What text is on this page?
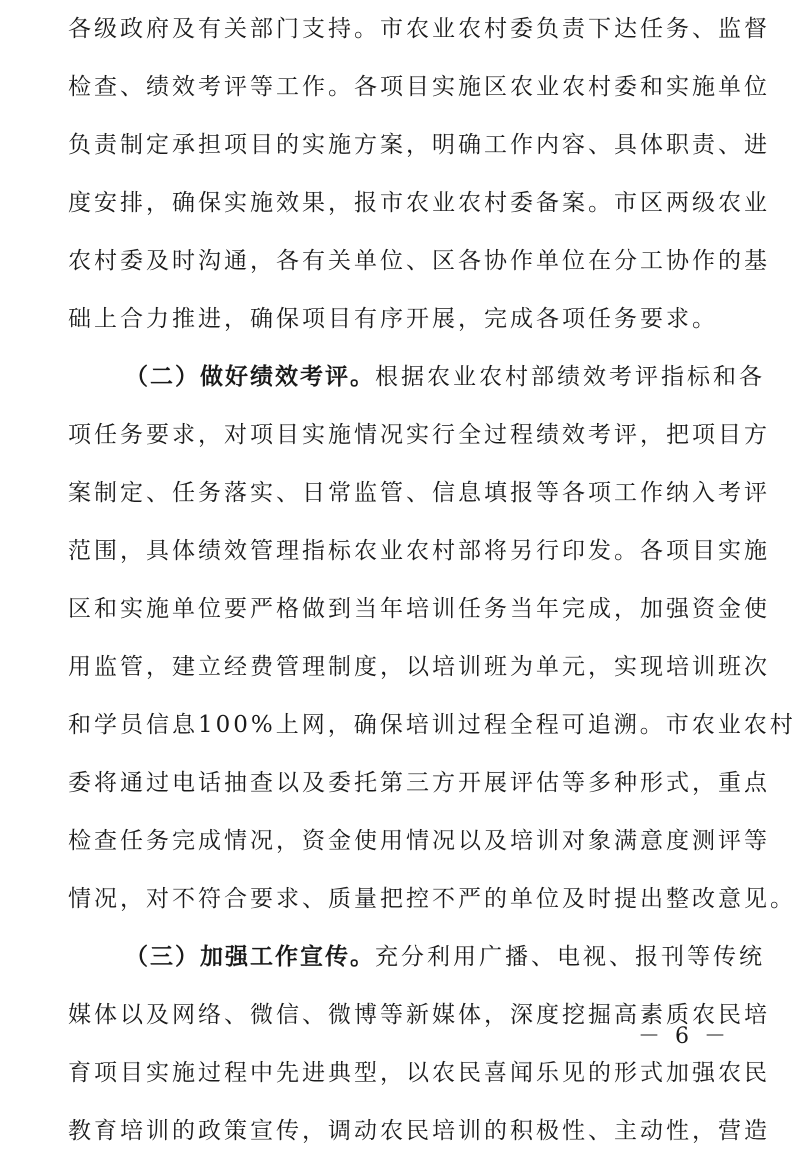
各级政府及有关部门支持。市农业农村委负责下达任务、监督
检查、绩效考评等工作。各项目实施区农业农村委和实施单位
负责制定承担项目的实施方案，明确工作内容、具体职责、进
度安排，确保实施效果，报市农业农村委备案。市区两级农业
农村委及时沟通，各有关单位、区各协作单位在分工协作的基
础上合力推进，确保项目有序开展，完成各项任务要求。
（二）做好绩效考评。根据农业农村部绩效考评指标和各
项任务要求，对项目实施情况实行全过程绩效考评，把项目方
案制定、任务落实、日常监管、信息填报等各项工作纳入考评
范围，具体绩效管理指标农业农村部将另行印发。各项目实施
区和实施单位要严格做到当年培训任务当年完成，加强资金使
用监管，建立经费管理制度，以培训班为单元，实现培训班次
和学员信息100%上网，确保培训过程全程可追溯。市农业农村
委将通过电话抽查以及委托第三方开展评估等多种形式，重点
检查任务完成情况，资金使用情况以及培训对象满意度测评等
情况，对不符合要求、质量把控不严的单位及时提出整改意见。
（三）加强工作宣传。充分利用广播、电视、报刊等传统
媒体以及网络、微信、微博等新媒体，深度挖掘高素质农民培
育项目实施过程中先进典型，以农民喜闻乐见的形式加强农民
教育培训的政策宣传，调动农民培训的积极性、主动性，营造
－ 6 －
